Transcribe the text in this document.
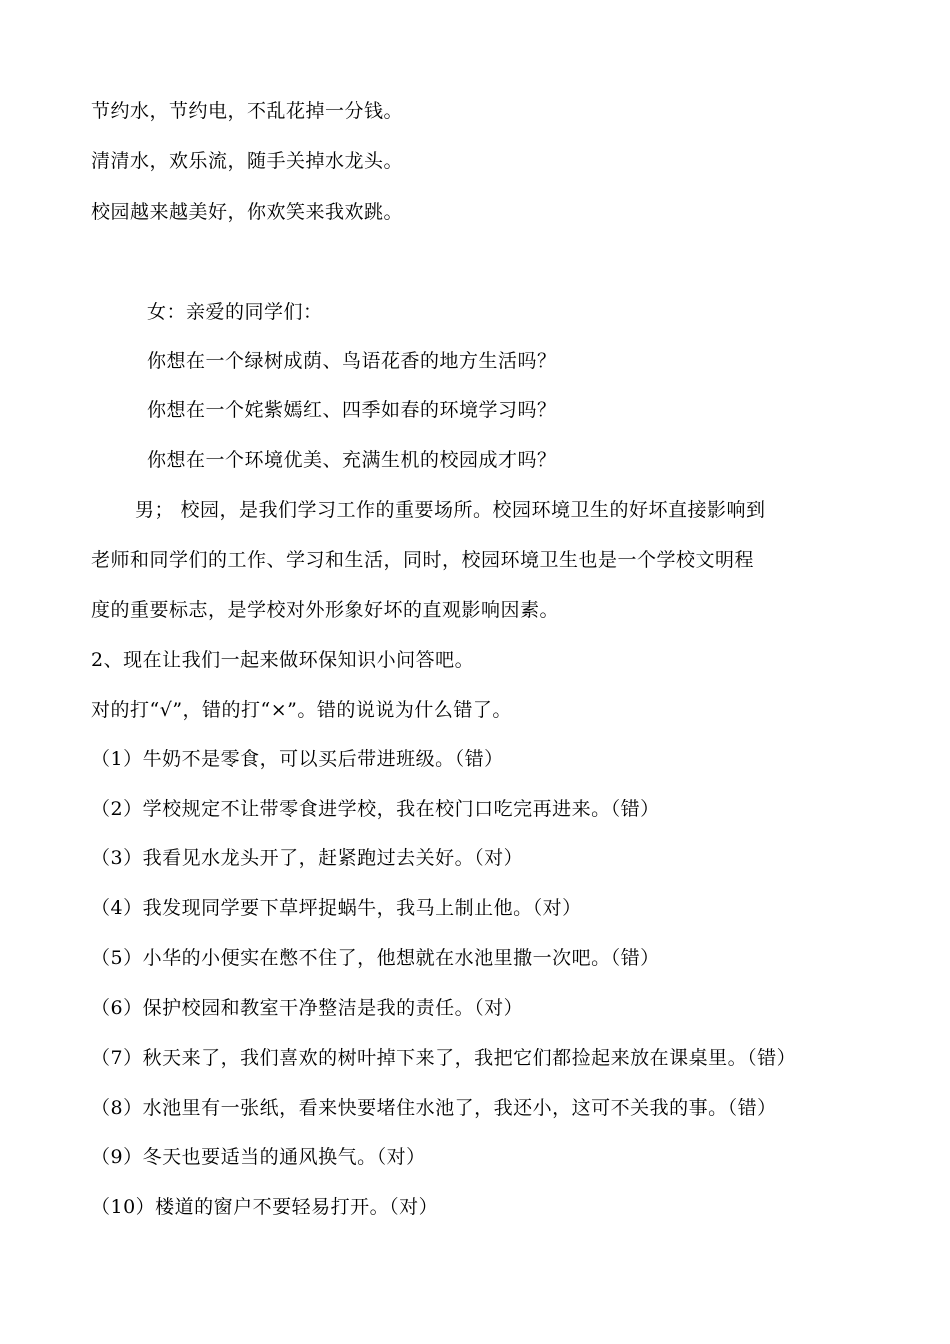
节约水，节约电，不乱花掉一分钱。
清清水，欢乐流，随手关掉水龙头。
校园越来越美好，你欢笑来我欢跳。
女：亲爱的同学们：
你想在一个绿树成荫、鸟语花香的地方生活吗？
你想在一个姹紫嫣红、四季如春的环境学习吗？
你想在一个环境优美、充满生机的校园成才吗？
男； 校园，是我们学习工作的重要场所。校园环境卫生的好坏直接影响到
老师和同学们的工作、学习和生活，同时，校园环境卫生也是一个学校文明程
度的重要标志，是学校对外形象好坏的直观影响因素。
2、现在让我们一起来做环保知识小问答吧。
对的打“√”，错的打“×”。错的说说为什么错了。
（1）牛奶不是零食，可以买后带进班级。（错）
（2）学校规定不让带零食进学校，我在校门口吃完再进来。（错）
（3）我看见水龙头开了，赶紧跑过去关好。（对）
（4）我发现同学要下草坪捉蜗牛，我马上制止他。（对）
（5）小华的小便实在憋不住了，他想就在水池里撒一次吧。（错）
（6）保护校园和教室干净整洁是我的责任。（对）
（7）秋天来了，我们喜欢的树叶掉下来了，我把它们都捡起来放在课桌里。（错）
（8）水池里有一张纸，看来快要堵住水池了，我还小，这可不关我的事。（错）
（9）冬天也要适当的通风换气。（对）
（10）楼道的窗户不要轻易打开。（对）
